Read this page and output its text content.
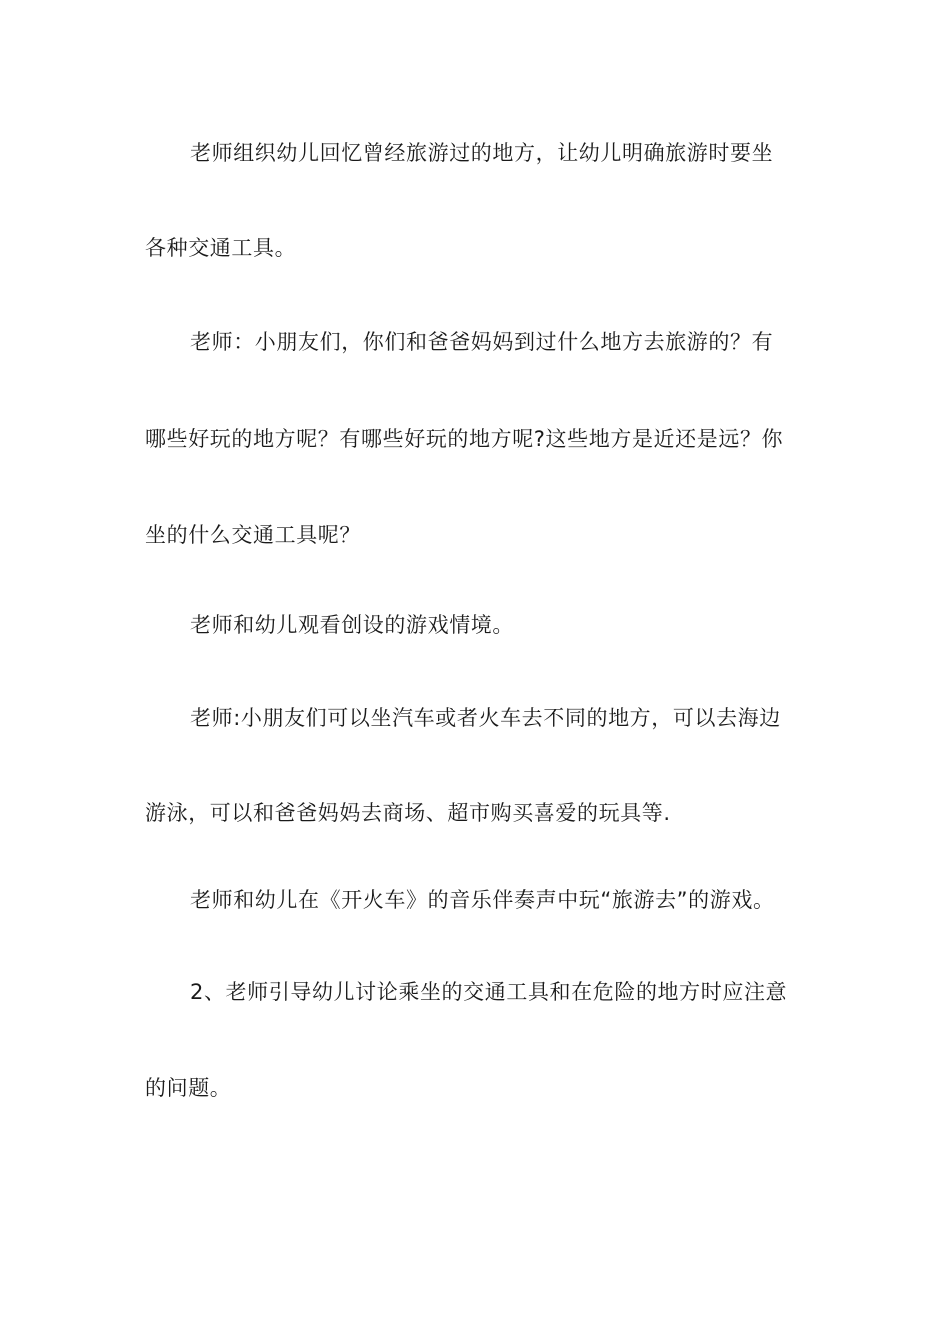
老师组织幼儿回忆曾经旅游过的地方，让幼儿明确旅游时要坐
各种交通工具。
老师：小朋友们，你们和爸爸妈妈到过什么地方去旅游的？有
哪些好玩的地方呢？有哪些好玩的地方呢?这些地方是近还是远？你
坐的什么交通工具呢？
老师和幼儿观看创设的游戏情境。
老师:小朋友们可以坐汽车或者火车去不同的地方，可以去海边
游泳，可以和爸爸妈妈去商场、超市购买喜爱的玩具等.
老师和幼儿在《开火车》的音乐伴奏声中玩“旅游去”的游戏。
2、老师引导幼儿讨论乘坐的交通工具和在危险的地方时应注意
的问题。
